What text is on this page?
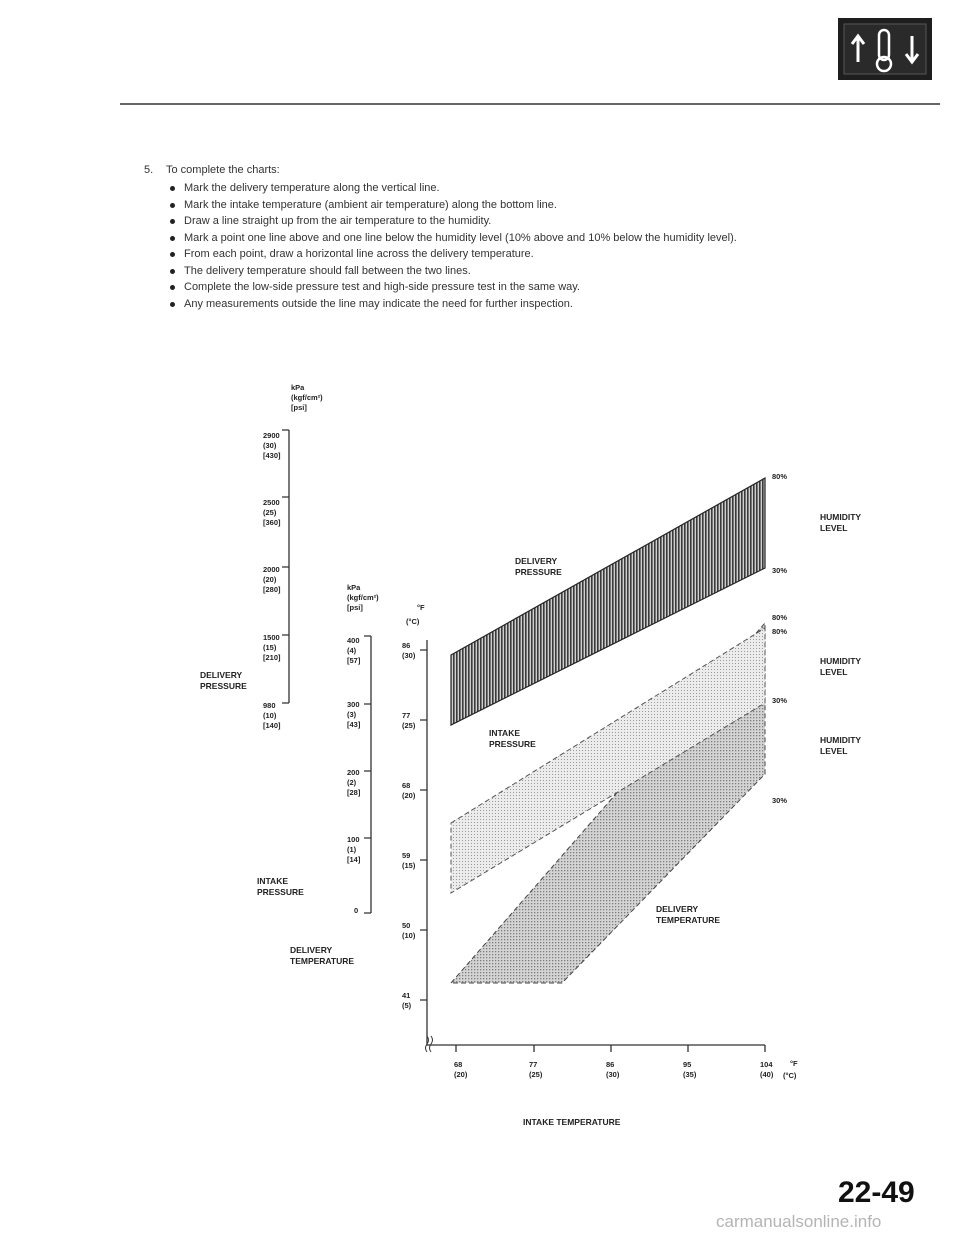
5. To complete the charts:
Mark the delivery temperature along the vertical line.
Mark the intake temperature (ambient air temperature) along the bottom line.
Draw a line straight up from the air temperature to the humidity.
Mark a point one line above and one line below the humidity level (10% above and 10% below the humidity level).
From each point, draw a horizontal line across the delivery temperature.
The delivery temperature should fall between the two lines.
Complete the low-side pressure test and high-side pressure test in the same way.
Any measurements outside the line may indicate the need for further inspection.
kPa
(kgf/cm²)
[psi]
2900
(30)
[430]
2500
(25)
[360]
2000
(20)
[280]
1500
(15)
[210]
980
(10)
[140]
DELIVERY
PRESSURE
kPa
(kgf/cm²)
[psi]
400
(4)
[57]
300
(3)
[43]
200
(2)
[28]
100
(1)
[14]
0
INTAKE
PRESSURE
°F
(°C)
86
(30)
77
(25)
68
(20)
59
(15)
50
(10)
41
(5)
DELIVERY
TEMPERATURE
68
(20)
77
(25)
86
(30)
95
(35)
104
(40)
°F
(°C)
INTAKE TEMPERATURE
DELIVERY
PRESSURE
INTAKE
PRESSURE
DELIVERY
TEMPERATURE
80%
30%
80%
80%
30%
30%
HUMIDITY
LEVEL
HUMIDITY
LEVEL
HUMIDITY
LEVEL
22-49
carmanualsonline.info
